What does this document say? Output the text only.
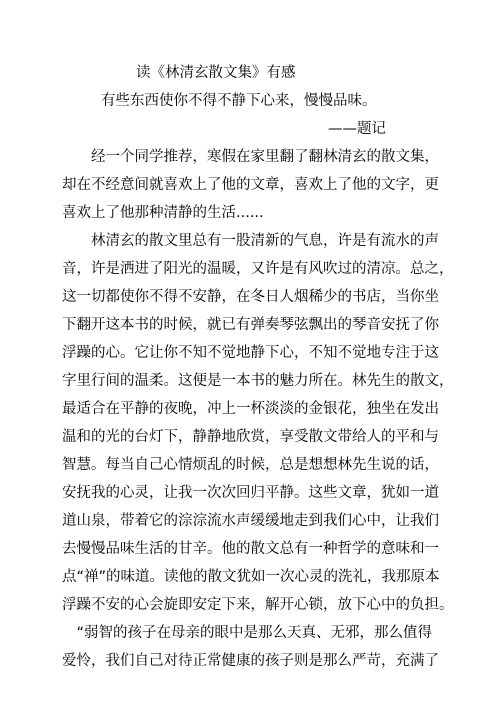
读《林清玄散文集》有感
有些东西使你不得不静下心来，慢慢品味。
——题记
　　经一个同学推荐，寒假在家里翻了翻林清玄的散文集，
却在不经意间就喜欢上了他的文章，喜欢上了他的文字，更
喜欢上了他那种清静的生活......
　　林清玄的散文里总有一股清新的气息，许是有流水的声
音，许是洒进了阳光的温暖，又许是有风吹过的清凉。总之，
这一切都使你不得不安静，在冬日人烟稀少的书店，当你坐
下翻开这本书的时候，就已有弹奏琴弦飘出的琴音安抚了你
浮躁的心。它让你不知不觉地静下心，不知不觉地专注于这
字里行间的温柔。这便是一本书的魅力所在。林先生的散文，
最适合在平静的夜晚，冲上一杯淡淡的金银花，独坐在发出
温和的光的台灯下，静静地欣赏，享受散文带给人的平和与
智慧。每当自己心情烦乱的时候，总是想想林先生说的话，
安抚我的心灵，让我一次次回归平静。这些文章，犹如一道
道山泉，带着它的淙淙流水声缓缓地走到我们心中，让我们
去慢慢品味生活的甘辛。他的散文总有一种哲学的意味和一
点“禅”的味道。读他的散文犹如一次心灵的洗礼，我那原本
浮躁不安的心会旋即安定下来，解开心锁，放下心中的负担。
　“弱智的孩子在母亲的眼中是那么天真、无邪，那么值得
爱怜，我们自己对待正常健康的孩子则是那么严苛，充满了
